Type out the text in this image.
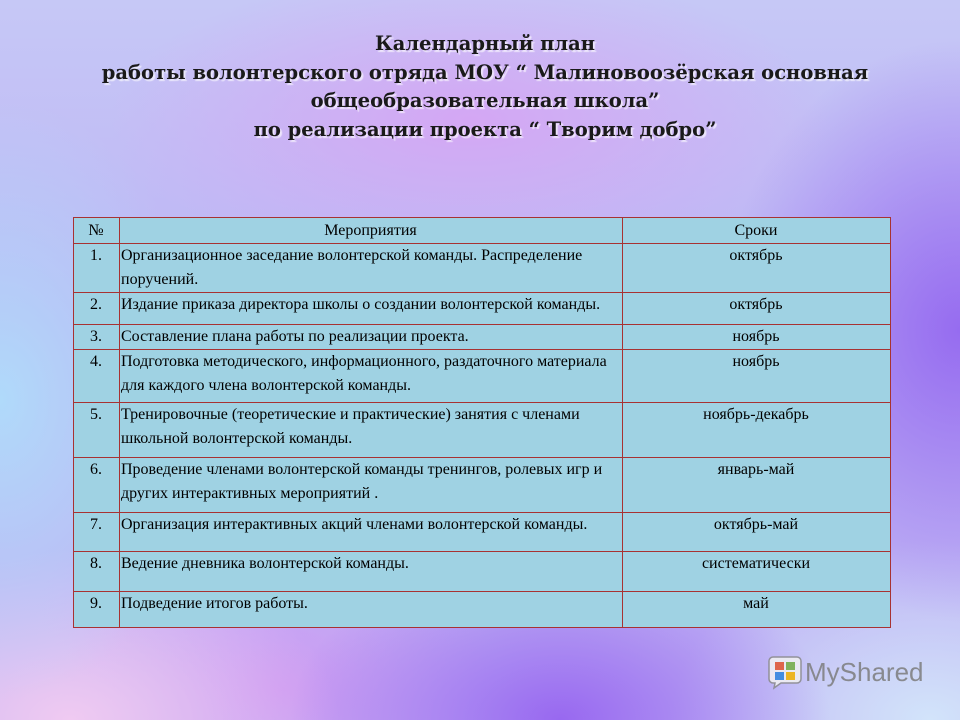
Календарный план
работы волонтерского отряда МОУ “ Малиновоозёрская основная
общеобразовательная школа”
по реализации проекта “ Творим добро”
№	Мероприятия	Сроки
1.	Организационное заседание волонтерской команды. Распределение поручений.	октябрь
2.	Издание приказа директора школы о создании волонтерской команды.	октябрь
3.	Составление плана работы по реализации проекта.	ноябрь
4.	Подготовка методического, информационного, раздаточного материала для каждого члена волонтерской команды.	ноябрь
5.	Тренировочные (теоретические и практические) занятия с членами школьной волонтерской команды.	ноябрь-декабрь
6.	Проведение членами волонтерской команды тренингов, ролевых игр и других интерактивных мероприятий .	январь-май
7.	Организация интерактивных акций членами волонтерской команды.	октябрь-май
8.	Ведение дневника волонтерской команды.	систематически
9.	Подведение итогов работы.	май
MyShared
